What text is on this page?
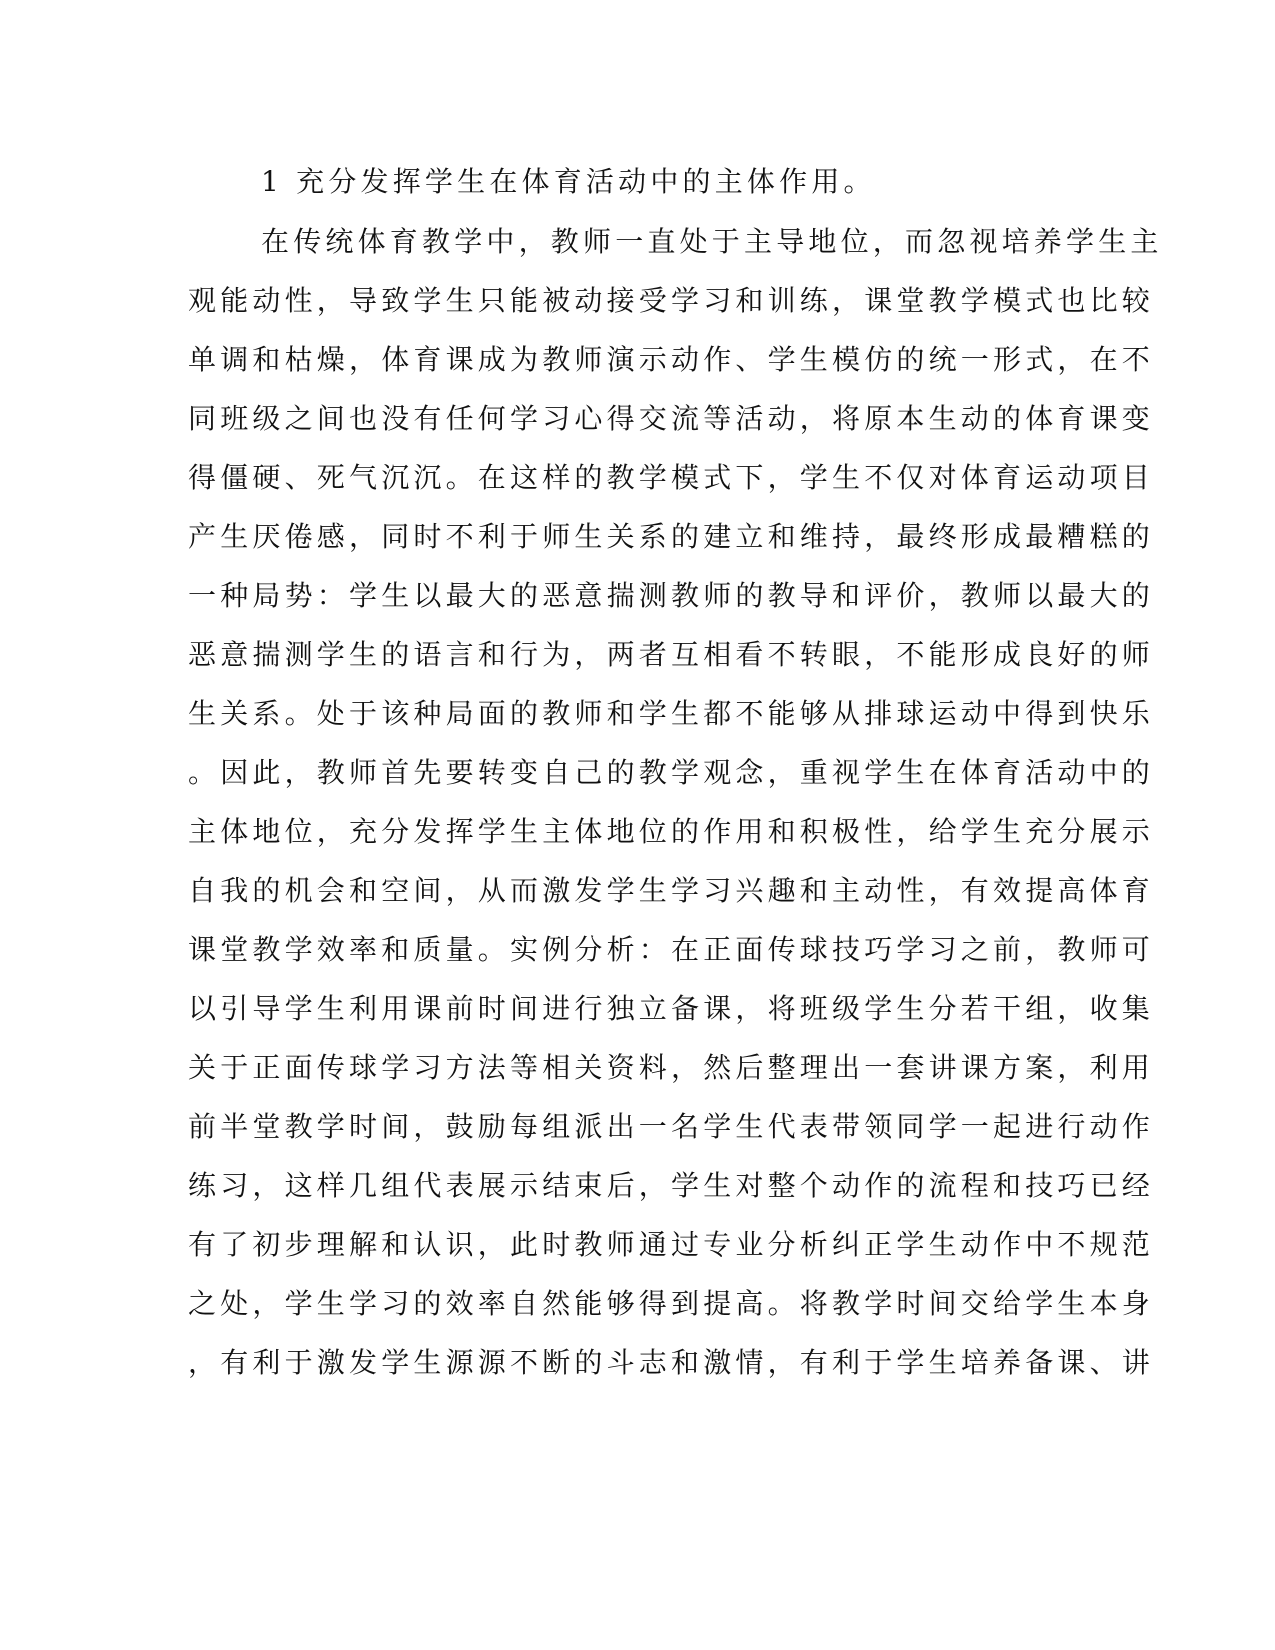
1 充分发挥学生在体育活动中的主体作用。
在传统体育教学中，教师一直处于主导地位，而忽视培养学生主
观能动性，导致学生只能被动接受学习和训练，课堂教学模式也比较
单调和枯燥，体育课成为教师演示动作、学生模仿的统一形式，在不
同班级之间也没有任何学习心得交流等活动，将原本生动的体育课变
得僵硬、死气沉沉。在这样的教学模式下，学生不仅对体育运动项目
产生厌倦感，同时不利于师生关系的建立和维持，最终形成最糟糕的
一种局势：学生以最大的恶意揣测教师的教导和评价，教师以最大的
恶意揣测学生的语言和行为，两者互相看不转眼，不能形成良好的师
生关系。处于该种局面的教师和学生都不能够从排球运动中得到快乐
。因此，教师首先要转变自己的教学观念，重视学生在体育活动中的
主体地位，充分发挥学生主体地位的作用和积极性，给学生充分展示
自我的机会和空间，从而激发学生学习兴趣和主动性，有效提高体育
课堂教学效率和质量。实例分析：在正面传球技巧学习之前，教师可
以引导学生利用课前时间进行独立备课，将班级学生分若干组，收集
关于正面传球学习方法等相关资料，然后整理出一套讲课方案，利用
前半堂教学时间，鼓励每组派出一名学生代表带领同学一起进行动作
练习，这样几组代表展示结束后，学生对整个动作的流程和技巧已经
有了初步理解和认识，此时教师通过专业分析纠正学生动作中不规范
之处，学生学习的效率自然能够得到提高。将教学时间交给学生本身
，有利于激发学生源源不断的斗志和激情，有利于学生培养备课、讲
